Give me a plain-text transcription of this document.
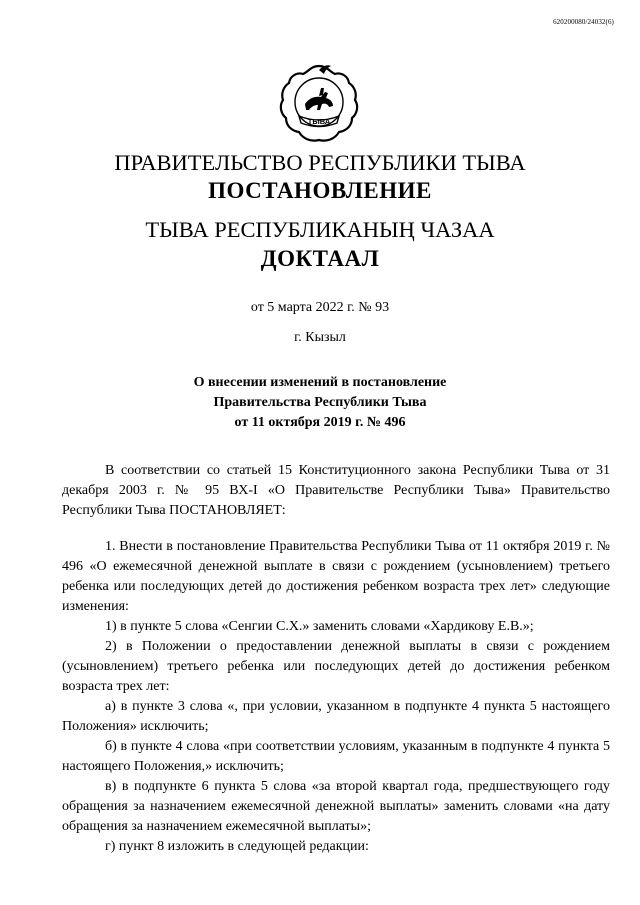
620200080/24032(6)
ТЫВА
ПРАВИТЕЛЬСТВО РЕСПУБЛИКИ ТЫВА
ПОСТАНОВЛЕНИЕ
ТЫВА РЕСПУБЛИКАНЫҢ ЧАЗАА
ДОКТААЛ
от 5 марта 2022 г. № 93
г. Кызыл
О внесении изменений в постановление
Правительства Республики Тыва
от 11 октября 2019 г. № 496

В соответствии со статьей 15 Конституционного закона Республики Тыва от 31 декабря 2003 г. № 95 ВХ-I «О Правительстве Республики Тыва» Правительство Республики Тыва ПОСТАНОВЛЯЕТ:

1. Внести в постановление Правительства Республики Тыва от 11 октября 2019 г. № 496 «О ежемесячной денежной выплате в связи с рождением (усыновлением) третьего ребенка или последующих детей до достижения ребенком возраста трех лет» следующие изменения:

1) в пункте 5 слова «Сенгии С.Х.» заменить словами «Хардикову Е.В.»;

2) в Положении о предоставлении денежной выплаты в связи с рождением (усыновлением) третьего ребенка или последующих детей до достижения ребенком возраста трех лет:

а) в пункте 3 слова «, при условии, указанном в подпункте 4 пункта 5 настоящего Положения» исключить;

б) в пункте 4 слова «при соответствии условиям, указанным в подпункте 4 пункта 5 настоящего Положения,» исключить;

в) в подпункте 6 пункта 5 слова «за второй квартал года, предшествующего году обращения за назначением ежемесячной денежной выплаты» заменить словами «на дату обращения за назначением ежемесячной выплаты»;

г) пункт 8 изложить в следующей редакции:
